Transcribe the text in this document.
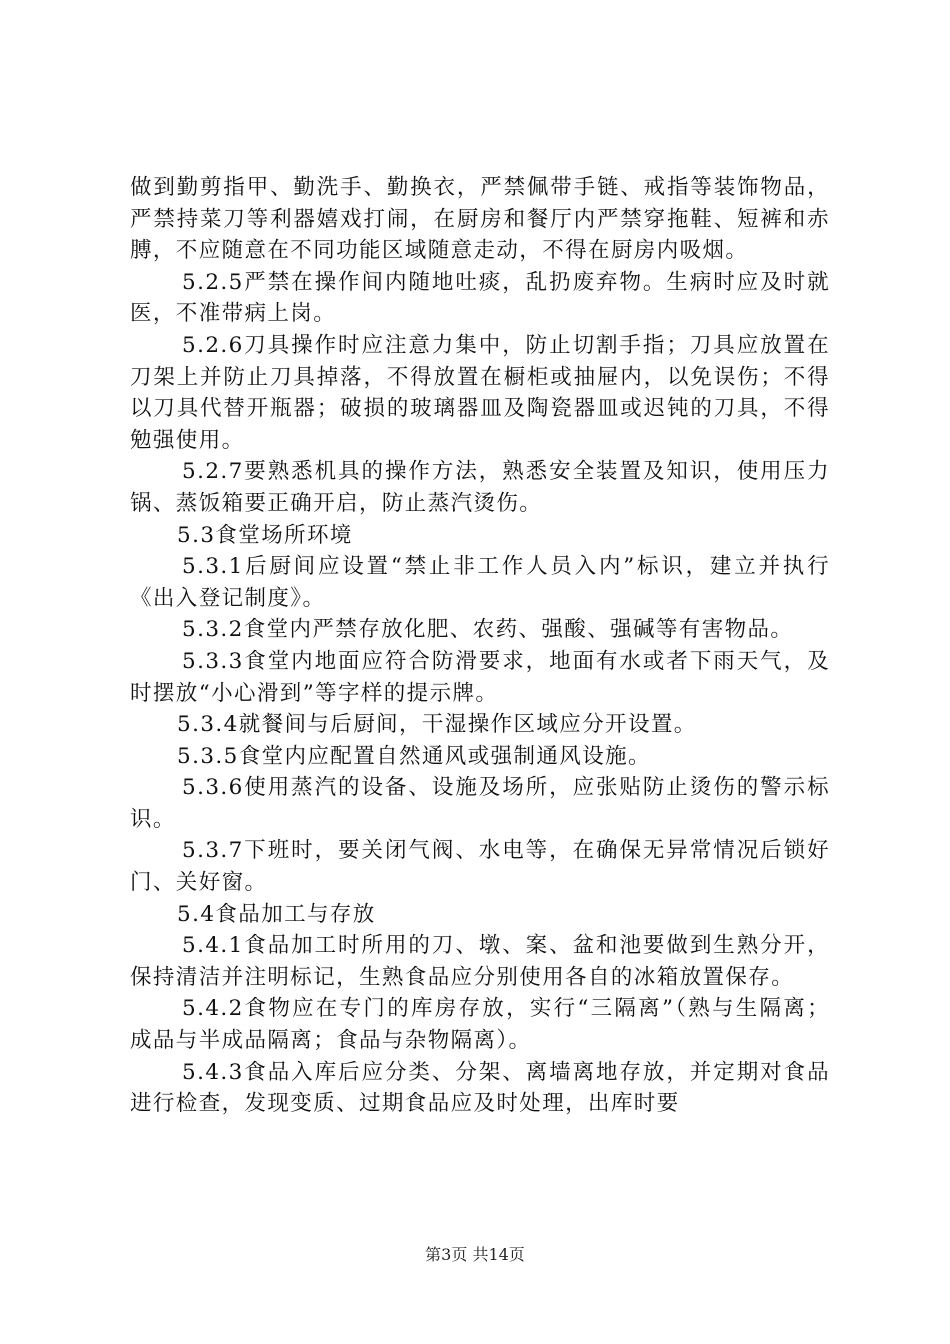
做到勤剪指甲、勤洗手、勤换衣，严禁佩带手链、戒指等装饰物品，严禁持菜刀等利器嬉戏打闹，在厨房和餐厅内严禁穿拖鞋、短裤和赤膊，不应随意在不同功能区域随意走动，不得在厨房内吸烟。

5.2.5严禁在操作间内随地吐痰，乱扔废弃物。生病时应及时就医，不准带病上岗。

5.2.6刀具操作时应注意力集中，防止切割手指；刀具应放置在刀架上并防止刀具掉落，不得放置在橱柜或抽屉内，以免误伤；不得以刀具代替开瓶器；破损的玻璃器皿及陶瓷器皿或迟钝的刀具，不得勉强使用。

5.2.7要熟悉机具的操作方法，熟悉安全装置及知识，使用压力锅、蒸饭箱要正确开启，防止蒸汽烫伤。

5.3食堂场所环境

5.3.1后厨间应设置“禁止非工作人员入内”标识，建立并执行《出入登记制度》。

5.3.2食堂内严禁存放化肥、农药、强酸、强碱等有害物品。

5.3.3食堂内地面应符合防滑要求，地面有水或者下雨天气，及时摆放“小心滑到”等字样的提示牌。

5.3.4就餐间与后厨间，干湿操作区域应分开设置。

5.3.5食堂内应配置自然通风或强制通风设施。

5.3.6使用蒸汽的设备、设施及场所，应张贴防止烫伤的警示标识。

5.3.7下班时，要关闭气阀、水电等，在确保无异常情况后锁好门、关好窗。

5.4食品加工与存放

5.4.1食品加工时所用的刀、墩、案、盆和池要做到生熟分开，保持清洁并注明标记，生熟食品应分别使用各自的冰箱放置保存。

5.4.2食物应在专门的库房存放，实行“三隔离”（熟与生隔离；成品与半成品隔离；食品与杂物隔离）。

5.4.3食品入库后应分类、分架、离墙离地存放，并定期对食品进行检查，发现变质、过期食品应及时处理，出库时要

第3页 共14页
